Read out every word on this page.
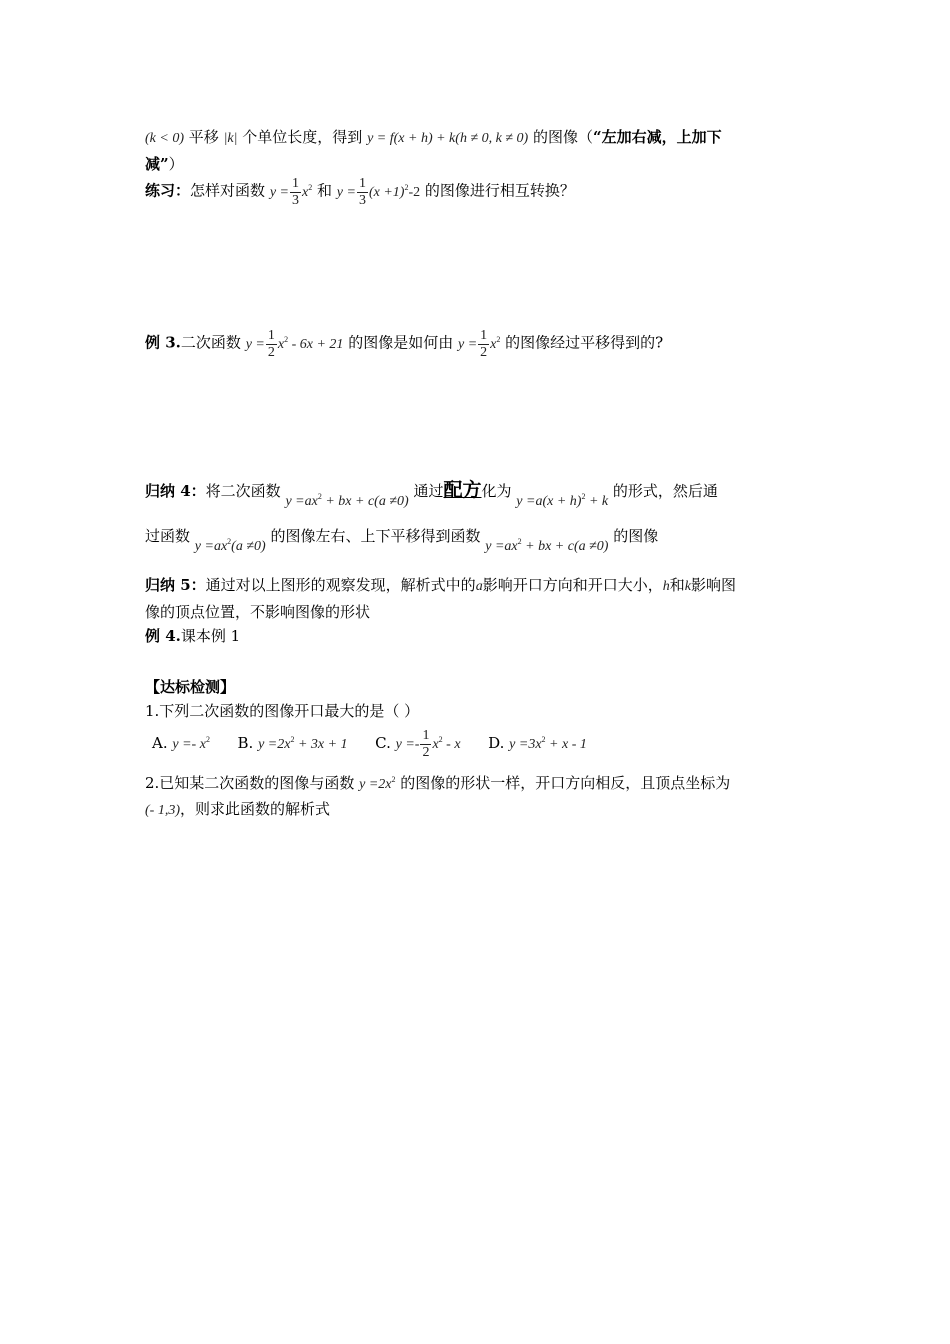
(k < 0) 平移 |k| 个单位长度，得到 y = f(x + h) + k(h ≠ 0, k ≠ 0) 的图像（“左加右减，上加下
减”）
练习：怎样对函数 $y = \frac{1}{3} x^2$ 和 $y = \frac{1}{3} (x +1)^2-2$ 的图像进行相互转换？
例 3.二次函数 $y = \frac{1}{2} x^2 - 6x + 21$ 的图像是如何由 $y = \frac{1}{2} x^2$ 的图像经过平移得到的?
归纳 4：将二次函数 $y =ax^2$ + bx + c(a ≠0) 通过配方化为 $y =a(x + h)^2 + k$ 的形式，然后通
过函数 $y =ax^2(a \ne 0)$ 的图像左右、上下平移得到函数 $y =ax^2$ + bx + c(a ≠0) 的图像
归纳 5：通过对以上图形的观察发现，解析式中的a影响开口方向和开口大小，h和k影响图
像的顶点位置，不影响图像的形状
例 4.课本例 1
【达标检测】
1.下列二次函数的图像开口最大的是（ ）
A. $y =- x^2$ B. $y =2x^2 + 3x + 1$ C. $y =- \frac{1}{2} x^2 - x$ D. $y =3x^2 + x - 1$
2.已知某二次函数的图像与函数 $y =2x^2$ 的图像的形状一样，开口方向相反，且顶点坐标为
(- 1,3)，则求此函数的解析式
